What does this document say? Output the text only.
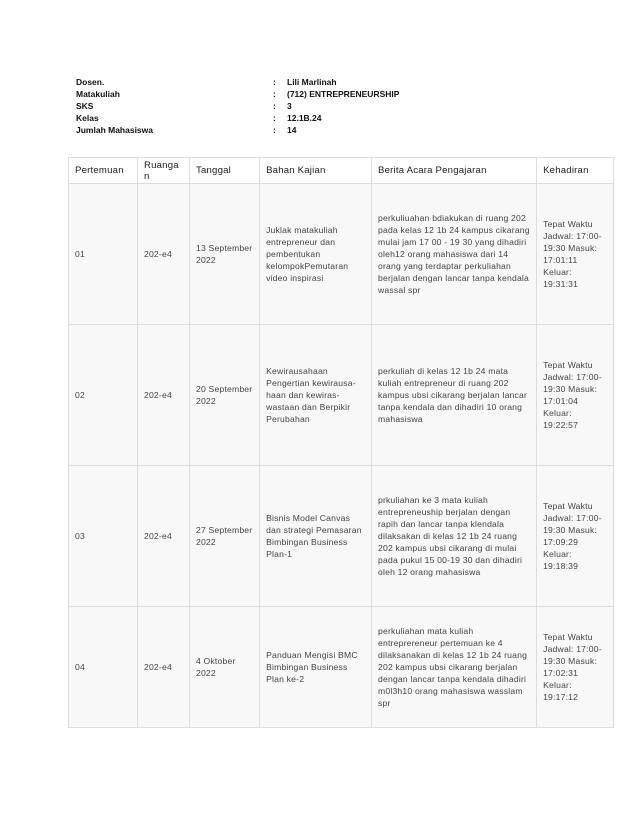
Dosen.	:	Lili Marlinah
Matakuliah	:	(712) ENTREPRENEURSHIP
SKS	:	3
Kelas	:	12.1B.24
Jumlah Mahasiswa	:	14
Pertemuan	Ruangan	Tanggal	Bahan Kajian	Berita Acara Pengajaran	Kehadiran
01	202-e4	13 September 2022	Juklak matakuliah entrepreneur dan pembentukan kelompokPemutaran video inspirasi	perkuliuahan bdiakukan di ruang 202 pada kelas 12 1b 24 kampus cikarang mulai jam 17 00 - 19 30 yang dihadiri oleh12 orang mahasiswa dari 14 orang yang terdaptar perkuliahan berjalan dengan lancar tanpa kendala wassal spr	Tepat Waktu Jadwal: 17:00-19:30 Masuk: 17:01:11 Keluar: 19:31:31
02	202-e4	20 September 2022	Kewirausahaan Pengertian kewirausa-haan dan kewiras-wastaan dan Berpikir Perubahan	perkuliah di kelas 12 1b 24 mata kuliah entrepreneur di ruang 202 kampus ubsi cikarang berjalan lancar tanpa kendala dan dihadiri 10 orang mahasiswa	Tepat Waktu Jadwal: 17:00-19:30 Masuk: 17:01:04 Keluar: 19:22:57
03	202-e4	27 September 2022	Bisnis Model Canvas dan strategi Pemasaran Bimbingan Business Plan-1	prkuliahan ke 3 mata kuliah entrepreneuship berjalan dengan rapih dan lancar tanpa klendala dilaksakan di kelas 12 1b 24 ruang 202 kampus ubsi cikarang di mulai pada pukul 15 00-19 30 dan dihadiri oleh 12 orang mahasiswa	Tepat Waktu Jadwal: 17:00-19:30 Masuk: 17:09:29 Keluar: 19:18:39
04	202-e4	4 Oktober 2022	Panduan Mengisi BMC Bimbingan Business Plan ke-2	perkuliahan mata kuliah entreprereneur pertemuan ke 4 dilaksanakan di kelas 12 1b 24 ruang 202 kampus ubsi cikarang berjalan dengan lancar tanpa kendala dihadiri m0l3h10 orang mahasiswa wasslam spr	Tepat Waktu Jadwal: 17:00-19:30 Masuk: 17:02:31 Keluar: 19:17:12
